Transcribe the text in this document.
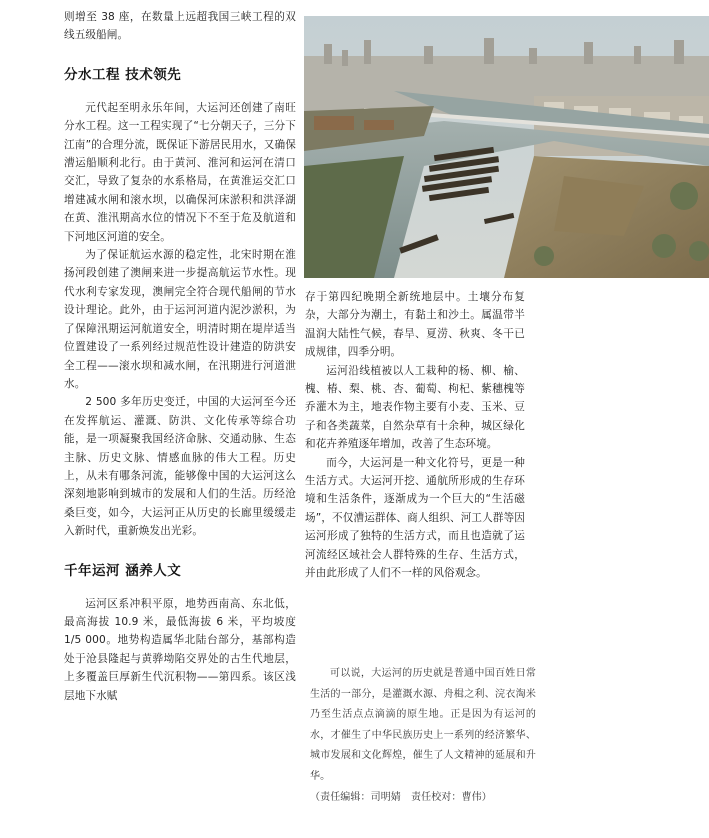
则增至 38 座，在数量上远超我国三峡工程的双线五级船闸。

分水工程 技术领先

元代起至明永乐年间，大运河还创建了南旺分水工程。这一工程实现了“七分朝天子，三分下江南”的合理分流，既保证下游居民用水，又确保漕运船顺利北行。由于黄河、淮河和运河在清口交汇，导致了复杂的水系格局，在黄淮运交汇口增建减水闸和滚水坝，以确保河床淤积和洪泽湖在黄、淮汛期高水位的情况下不至于危及航道和下河地区河道的安全。

为了保证航运水源的稳定性，北宋时期在淮扬河段创建了澳闸来进一步提高航运节水性。现代水利专家发现，澳闸完全符合现代船闸的节水设计理论。此外，由于运河河道内泥沙淤积，为了保障汛期运河航道安全，明清时期在堤岸适当位置建设了一系列经过规范性设计建造的防洪安全工程——滚水坝和减水闸，在汛期进行河道泄水。

2 500 多年历史变迁，中国的大运河至今还在发挥航运、灌溉、防洪、文化传承等综合功能，是一项凝聚我国经济命脉、交通动脉、生态主脉、历史文脉、情感血脉的伟大工程。历史上，从未有哪条河流，能够像中国的大运河这么深刻地影响到城市的发展和人们的生活。历经沧桑巨变，如今，大运河正从历史的长廊里缓缓走入新时代，重新焕发出光彩。

千年运河 涵养人文

运河区系冲积平原，地势西南高、东北低，最高海拔 10.9 米，最低海拔 6 米，平均坡度 1/5 000。地势构造属华北陆台部分，基部构造处于沧县隆起与黄骅坳陷交界处的古生代地层，上多覆盖巨厚新生代沉积物——第四系。该区浅层地下水赋

存于第四纪晚期全新统地层中。土壤分布复杂，大部分为潮土，有黏土和沙土。属温带半温润大陆性气候，春旱、夏涝、秋爽、冬干已成规律，四季分明。

运河沿线植被以人工栽种的杨、柳、榆、槐、椿、梨、桃、杏、葡萄、枸杞、紫穗槐等乔灌木为主，地表作物主要有小麦、玉米、豆子和各类蔬菜，自然杂草有十余种，城区绿化和花卉养殖逐年增加，改善了生态环境。

而今，大运河是一种文化符号，更是一种生活方式。大运河开挖、通航所形成的生存环境和生活条件，逐渐成为一个巨大的“生活磁场”，不仅漕运群体、商人组织、河工人群等因运河形成了独特的生活方式，而且也造就了运河流经区域社会人群特殊的生存、生活方式，并由此形成了人们不一样的风俗观念。

可以说，大运河的历史就是普通中国百姓日常生活的一部分，是灌溉水源、舟楫之利、浣衣淘米乃至生活点点滴滴的原生地。正是因为有运河的水，才催生了中华民族历史上一系列的经济繁华、城市发展和文化辉煌，催生了人文精神的延展和升华。

（责任编辑：司明婧　责任校对：曹伟）
